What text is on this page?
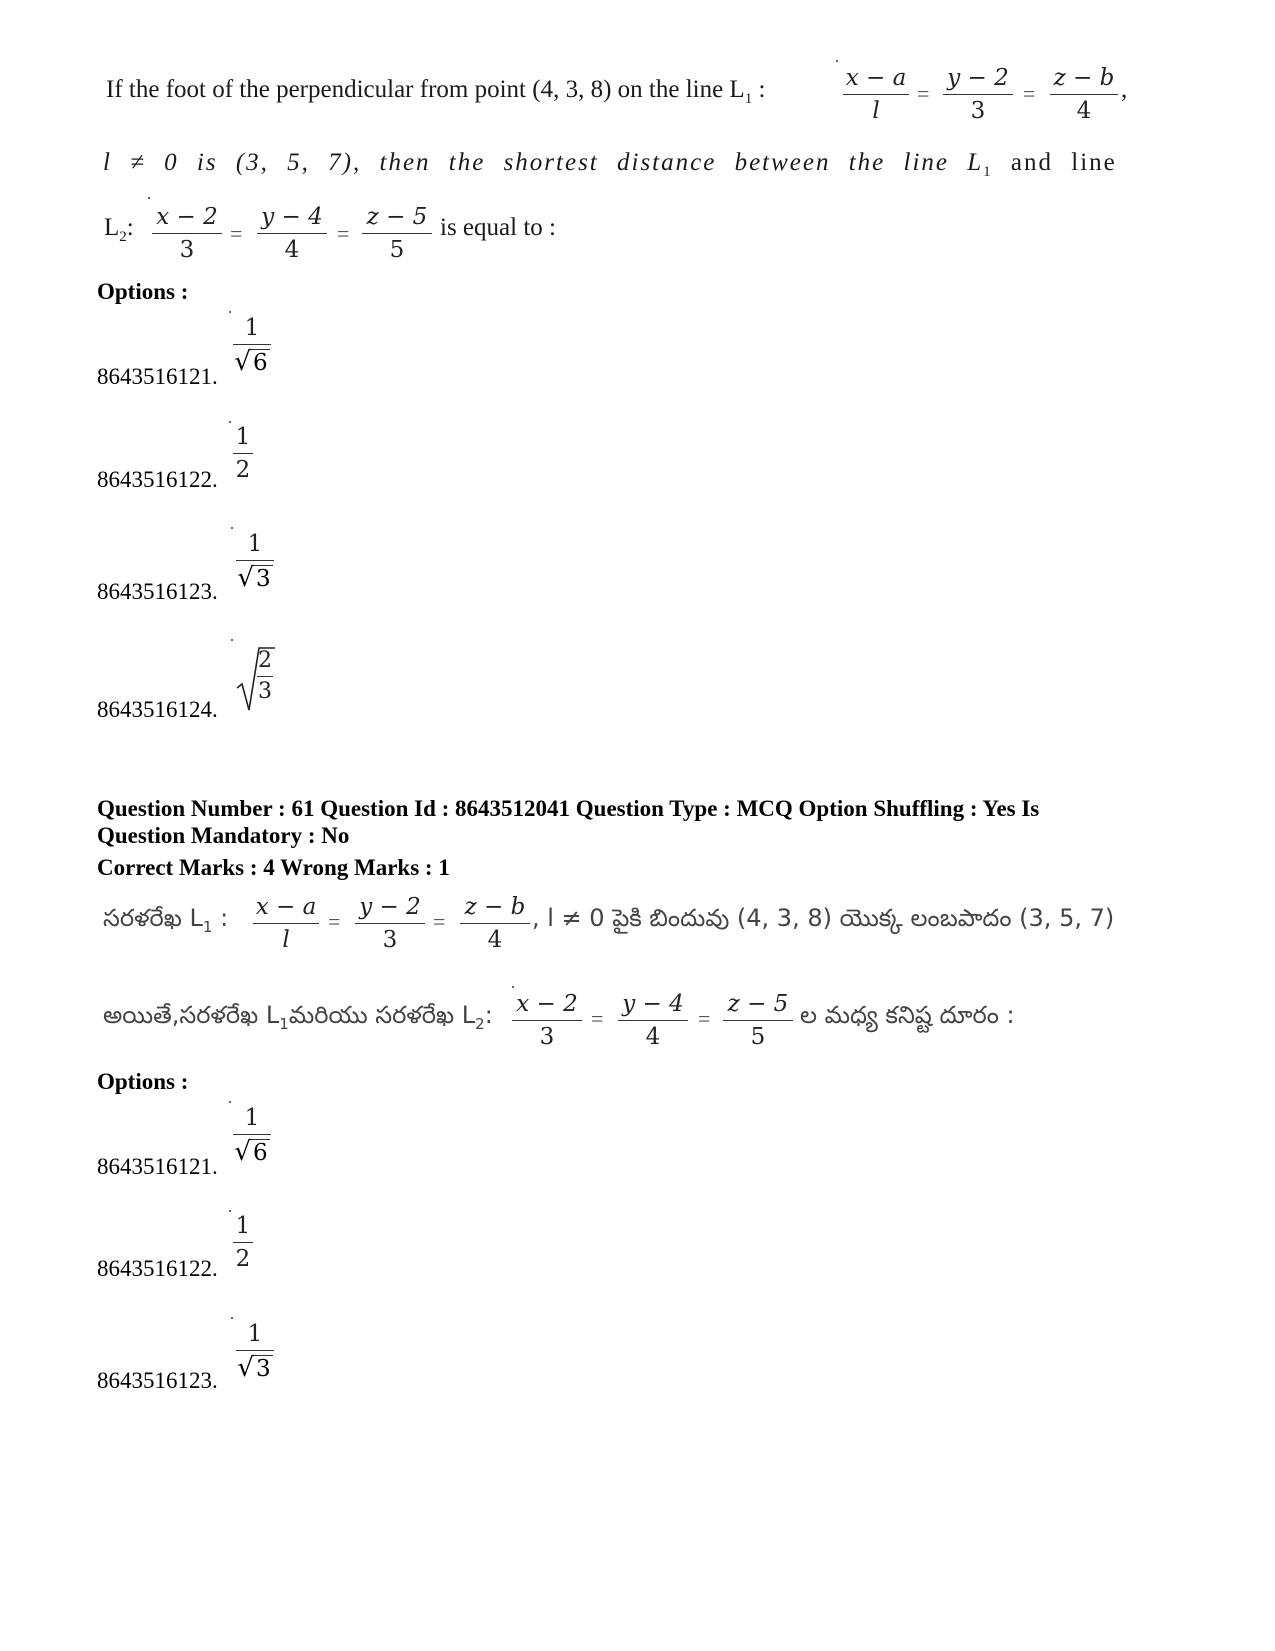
If the foot of the perpendicular from point (4, 3, 8) on the line $L_1$ :	x − a
l
=
y − 2
3
=
z − b
4
,
l ≠ 0 is (3, 5, 7), then the shortest distance between the line $L_1$ and line
$L_2$: x − 2
3
=
y − 4
4
=
z − 5
5
is equal to :
Options :
8643516121.
1
√ 6
8643516122.
1
2
8643516123.
1
√ 3
8643516124.
2
3
Question Number : 61 Question Id : 8643512041 Question Type : MCQ Option Shuffling : Yes Is
Question Mandatory : No
Correct Marks : 4 Wrong Marks : 1
సరళరేఖ $L_1$ : x − a
l
=
y − 2
3
=
z − b
4
, l ≠ 0 పైకి బిందువు (4, 3, 8) యొక్క లంబపాదం (3, 5, 7)
అయితే,సరళరేఖ $L_1మరియు$ సరళరేఖ $L_2$: x − 2
3
=
y − 4
4
=
z − 5
5
ల మధ్య కనిష్ట దూరం :
Options :
8643516121.
1
√ 6
8643516122.
1
2
8643516123.
1
√ 3
